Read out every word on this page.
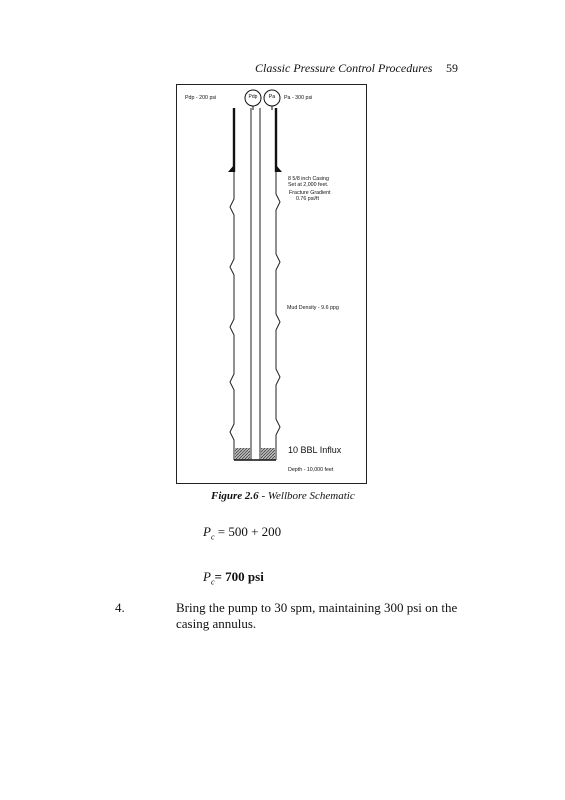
Classic Pressure Control Procedures 59
Pdp - 200 psi	Pdp Pa	Pa - 300 psi
8 5/8 inch Casing
Set at 2,000 feet.
Fracture Gradient
0.76 psi/ft
Mud Density - 9.6 ppg
10 BBL Influx
Depth - 10,000 feet
Figure 2.6 - Wellbore Schematic
$P_c = 500 + 200$
$P_c= 700$ psi
4.	Bring the pump to 30 spm, maintaining 300 psi on the casing annulus.
